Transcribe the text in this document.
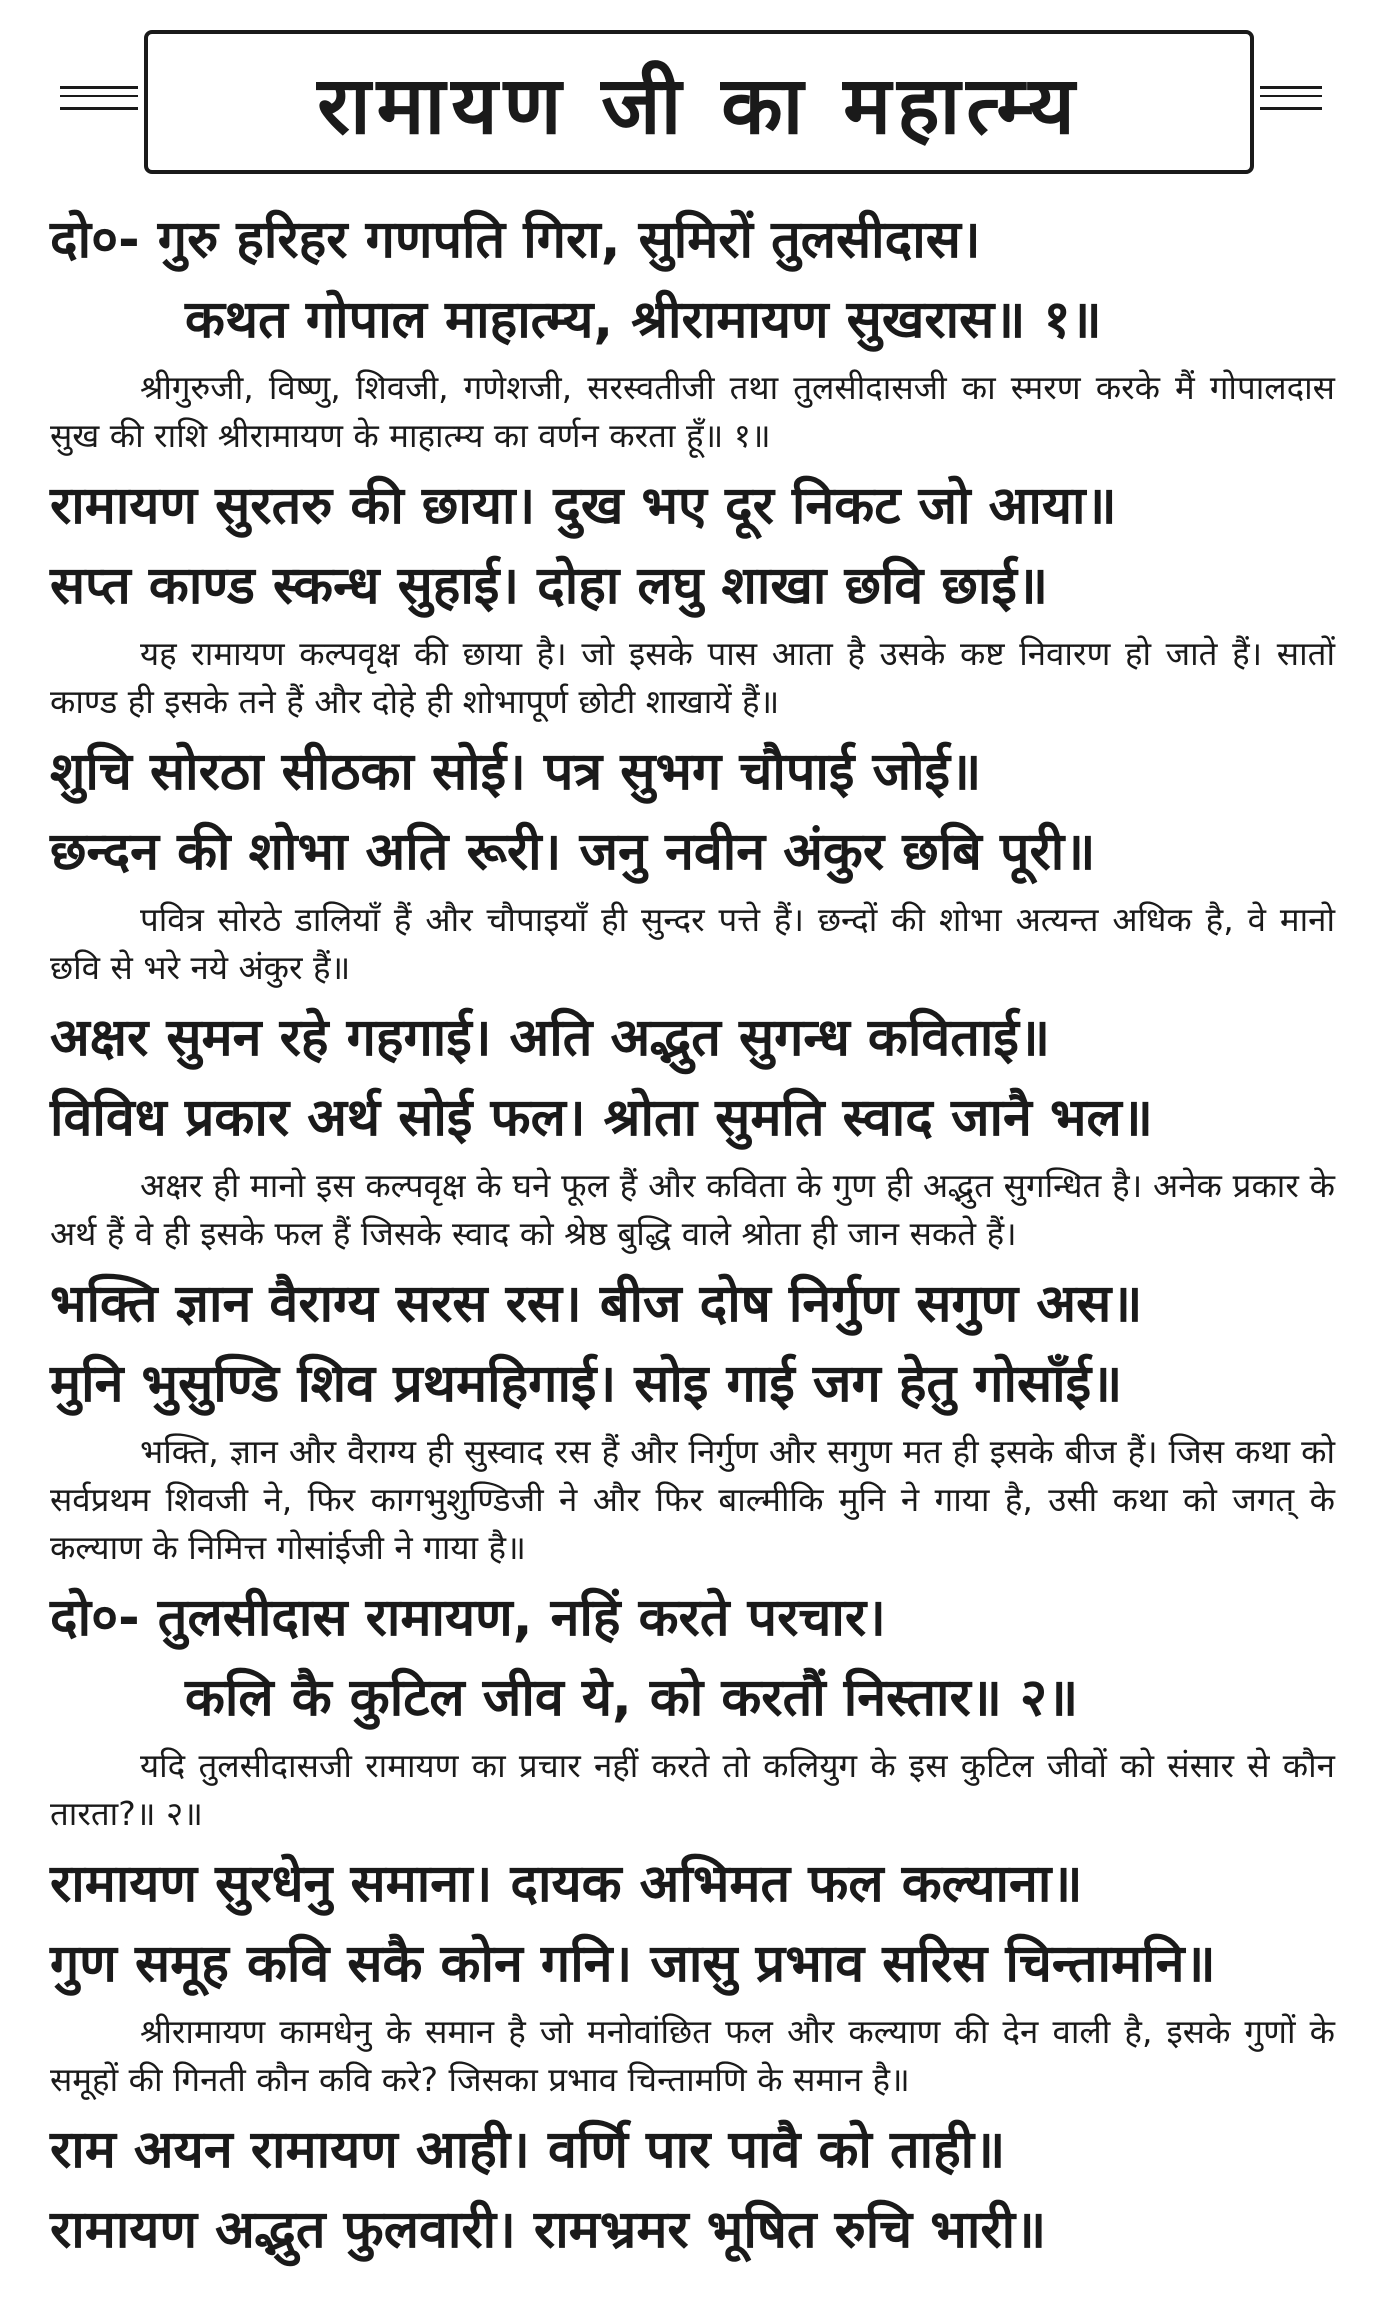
रामायण जी का महात्म्य
दो०- गुरु हरिहर गणपति गिरा, सुमिरों तुलसीदास।
कथत गोपाल माहात्म्य, श्रीरामायण सुखरास॥ १॥

श्रीगुरुजी, विष्णु, शिवजी, गणेशजी, सरस्वतीजी तथा तुलसीदासजी का स्मरण करके मैं गोपालदास सुख की राशि श्रीरामायण के माहात्म्य का वर्णन करता हूँ॥ १॥

रामायण सुरतरु की छाया। दुख भए दूर निकट जो आया॥
सप्त काण्ड स्कन्ध सुहाई। दोहा लघु शाखा छवि छाई॥

यह रामायण कल्पवृक्ष की छाया है। जो इसके पास आता है उसके कष्ट निवारण हो जाते हैं। सातों काण्ड ही इसके तने हैं और दोहे ही शोभापूर्ण छोटी शाखायें हैं॥

शुचि सोरठा सीठका सोई। पत्र सुभग चौपाई जोई॥
छन्दन की शोभा अति रूरी। जनु नवीन अंकुर छबि पूरी॥

पवित्र सोरठे डालियाँ हैं और चौपाइयाँ ही सुन्दर पत्ते हैं। छन्दों की शोभा अत्यन्त अधिक है, वे मानो छवि से भरे नये अंकुर हैं॥

अक्षर सुमन रहे गहगाई। अति अद्भुत सुगन्ध कविताई॥
विविध प्रकार अर्थ सोई फल। श्रोता सुमति स्वाद जानै भल॥

अक्षर ही मानो इस कल्पवृक्ष के घने फूल हैं और कविता के गुण ही अद्भुत सुगन्धित है। अनेक प्रकार के अर्थ हैं वे ही इसके फल हैं जिसके स्वाद को श्रेष्ठ बुद्धि वाले श्रोता ही जान सकते हैं।

भक्ति ज्ञान वैराग्य सरस रस। बीज दोष निर्गुण सगुण अस॥
मुनि भुसुण्डि शिव प्रथमहिगाई। सोइ गाई जग हेतु गोसाँई॥

भक्ति, ज्ञान और वैराग्य ही सुस्वाद रस हैं और निर्गुण और सगुण मत ही इसके बीज हैं। जिस कथा को सर्वप्रथम शिवजी ने, फिर कागभुशुण्डिजी ने और फिर बाल्मीकि मुनि ने गाया है, उसी कथा को जगत् के कल्याण के निमित्त गोसांईजी ने गाया है॥

दो०- तुलसीदास रामायण, नहिं करते परचार।
कलि कै कुटिल जीव ये, को करतौं निस्तार॥ २॥

यदि तुलसीदासजी रामायण का प्रचार नहीं करते तो कलियुग के इस कुटिल जीवों को संसार से कौन तारता?॥ २॥

रामायण सुरधेनु समाना। दायक अभिमत फल कल्याना॥
गुण समूह कवि सकै कोन गनि। जासु प्रभाव सरिस चिन्तामनि॥

श्रीरामायण कामधेनु के समान है जो मनोवांछित फल और कल्याण की देन वाली है, इसके गुणों के समूहों की गिनती कौन कवि करे? जिसका प्रभाव चिन्तामणि के समान है॥

राम अयन रामायण आही। वर्णि पार पावै को ताही॥
रामायण अद्भुत फुलवारी। रामभ्रमर भूषित रुचि भारी॥
